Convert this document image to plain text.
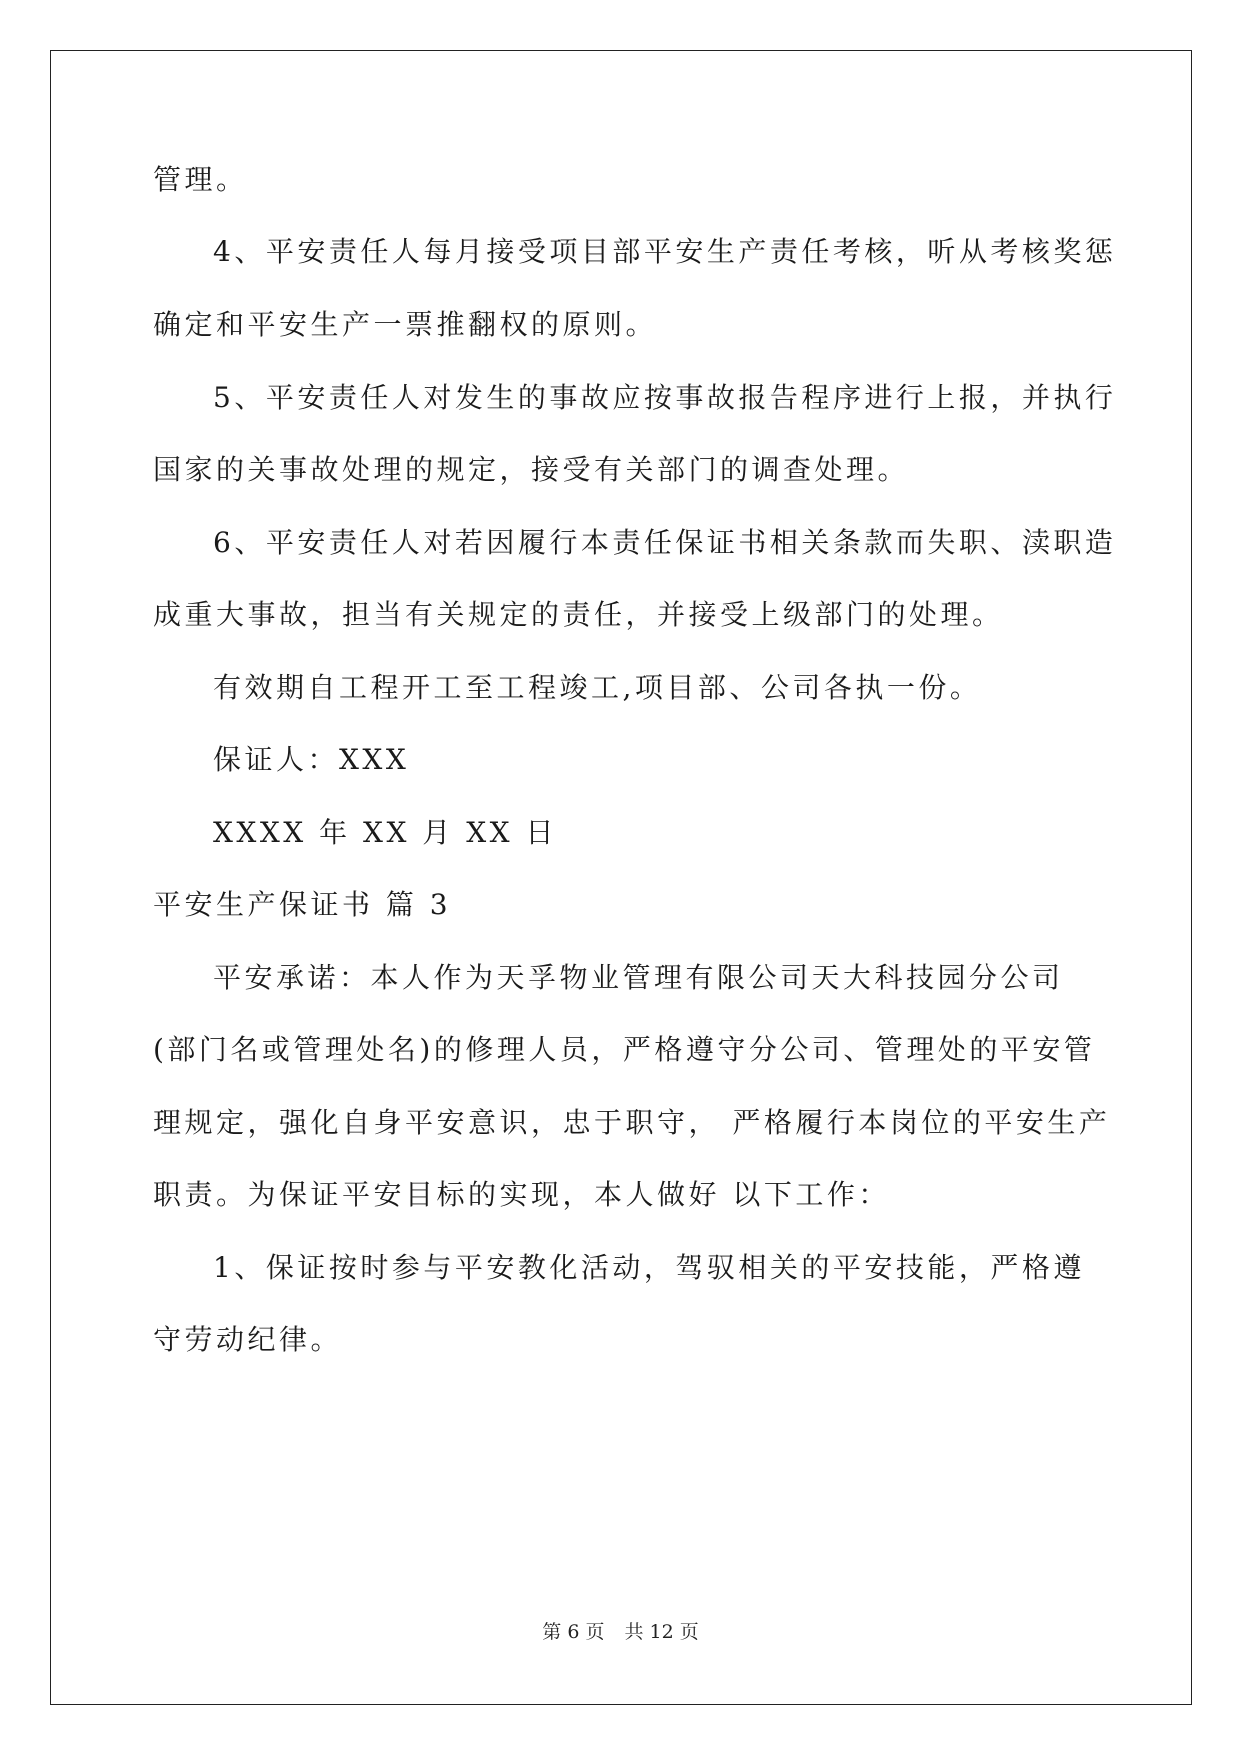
管理。
4、平安责任人每月接受项目部平安生产责任考核，听从考核奖惩
确定和平安生产一票推翻权的原则。
5、平安责任人对发生的事故应按事故报告程序进行上报，并执行
国家的关事故处理的规定，接受有关部门的调查处理。
6、平安责任人对若因履行本责任保证书相关条款而失职、渎职造
成重大事故，担当有关规定的责任，并接受上级部门的处理。
有效期自工程开工至工程竣工,项目部、公司各执一份。
保证人：XXX
XXXX 年 XX 月 XX 日
平安生产保证书 篇 3
平安承诺：本人作为天孚物业管理有限公司天大科技园分公司
(部门名或管理处名)的修理人员，严格遵守分公司、管理处的平安管
理规定，强化自身平安意识，忠于职守， 严格履行本岗位的平安生产
职责。为保证平安目标的实现，本人做好 以下工作：
1、保证按时参与平安教化活动，驾驭相关的平安技能，严格遵
守劳动纪律。
第 6 页 共 12 页
